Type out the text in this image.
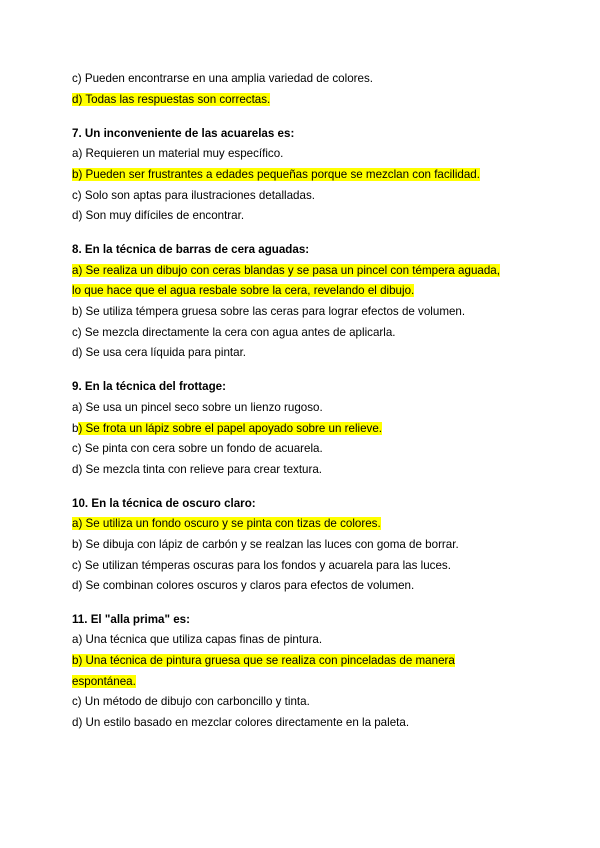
c) Pueden encontrarse en una amplia variedad de colores.
d) Todas las respuestas son correctas.
7. Un inconveniente de las acuarelas es:
a) Requieren un material muy específico.
b) Pueden ser frustrantes a edades pequeñas porque se mezclan con facilidad.
c) Solo son aptas para ilustraciones detalladas.
d) Son muy difíciles de encontrar.
8. En la técnica de barras de cera aguadas:
a) Se realiza un dibujo con ceras blandas y se pasa un pincel con témpera aguada,
lo que hace que el agua resbale sobre la cera, revelando el dibujo.
b) Se utiliza témpera gruesa sobre las ceras para lograr efectos de volumen.
c) Se mezcla directamente la cera con agua antes de aplicarla.
d) Se usa cera líquida para pintar.
9. En la técnica del frottage:
a) Se usa un pincel seco sobre un lienzo rugoso.
b) Se frota un lápiz sobre el papel apoyado sobre un relieve.
c) Se pinta con cera sobre un fondo de acuarela.
d) Se mezcla tinta con relieve para crear textura.
10. En la técnica de oscuro claro:
a) Se utiliza un fondo oscuro y se pinta con tizas de colores.
b) Se dibuja con lápiz de carbón y se realzan las luces con goma de borrar.
c) Se utilizan témperas oscuras para los fondos y acuarela para las luces.
d) Se combinan colores oscuros y claros para efectos de volumen.
11. El "alla prima" es:
a) Una técnica que utiliza capas finas de pintura.
b) Una técnica de pintura gruesa que se realiza con pinceladas de manera
espontánea.
c) Un método de dibujo con carboncillo y tinta.
d) Un estilo basado en mezclar colores directamente en la paleta.
